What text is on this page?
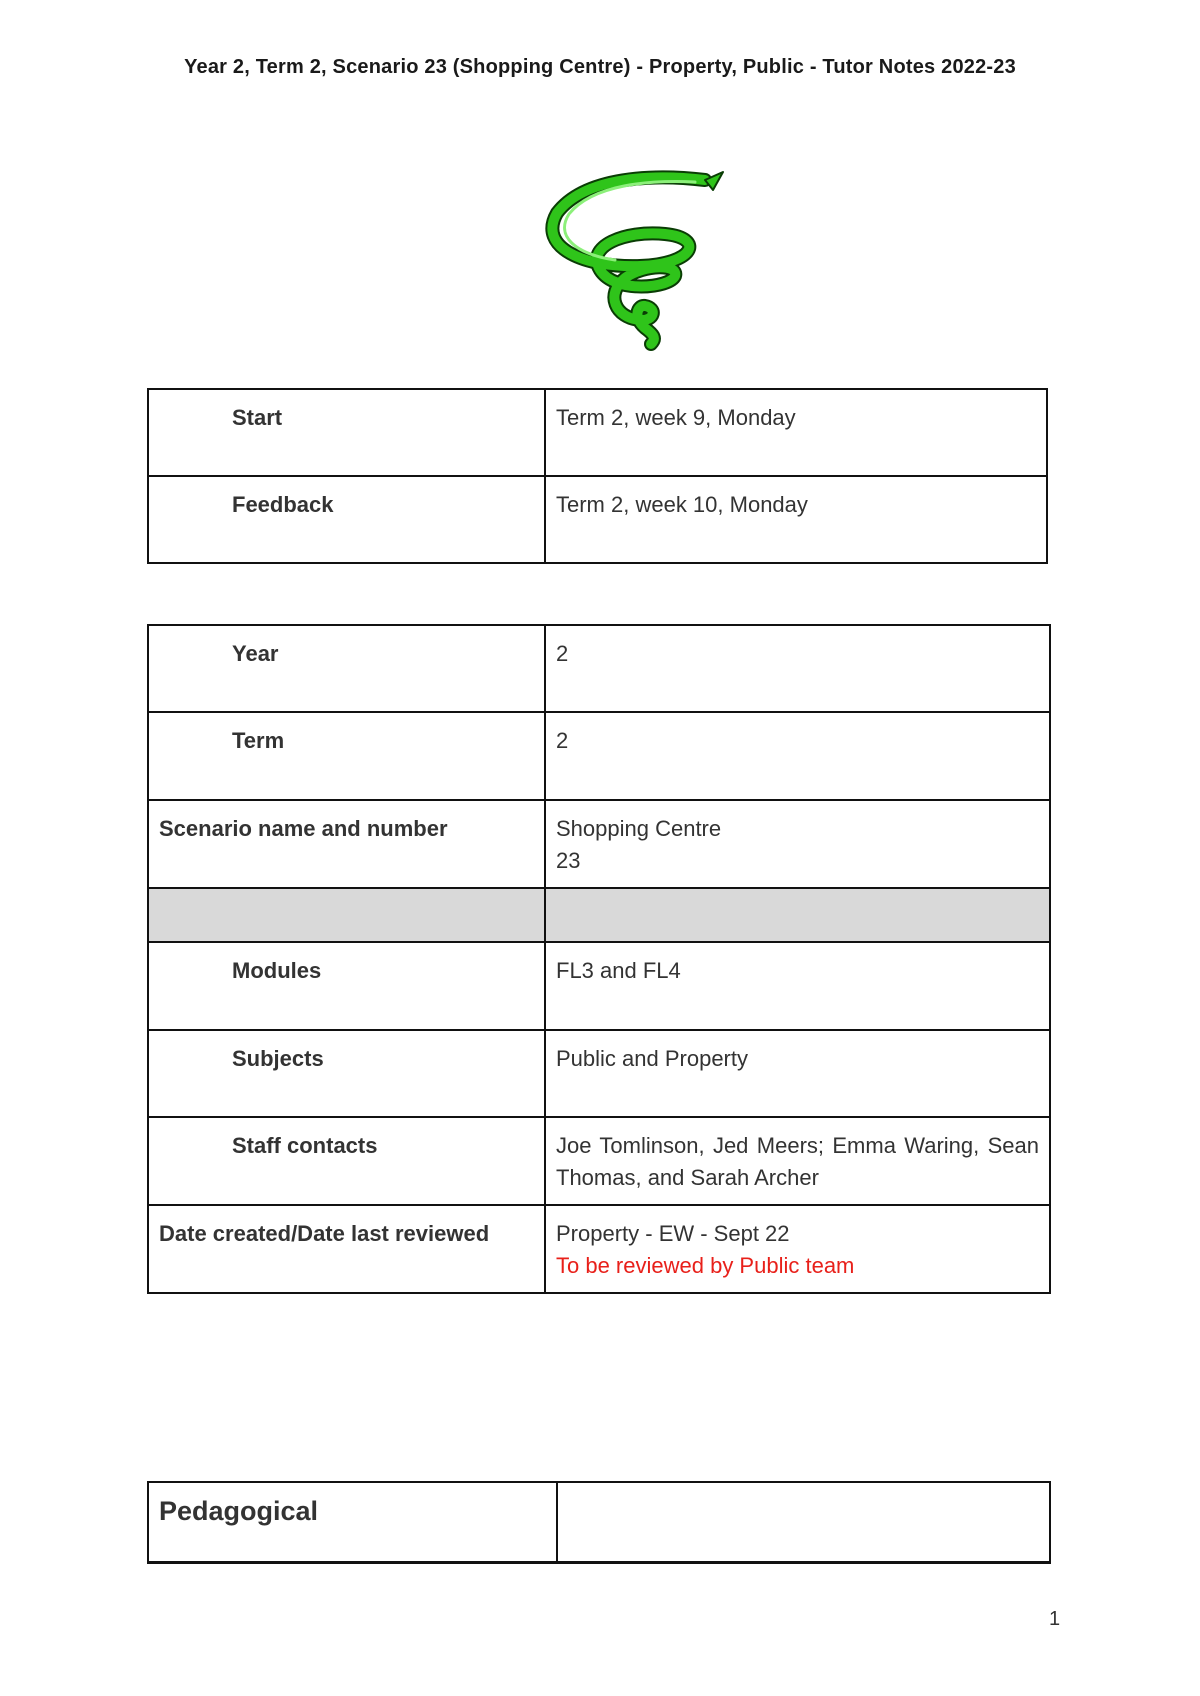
Year 2, Term 2, Scenario 23 (Shopping Centre) - Property, Public - Tutor Notes 2022-23
Start	Term 2, week 9, Monday
Feedback	Term 2, week 10, Monday
Year	2
Term	2
Scenario name and number	Shopping Centre
23

Modules	FL3 and FL4
Subjects	Public and Property
Staff contacts	Joe Tomlinson, Jed Meers; Emma Waring, Sean Thomas, and Sarah Archer
Date created/Date last reviewed	Property - EW - Sept 22
To be reviewed by Public team
Pedagogical	
1
